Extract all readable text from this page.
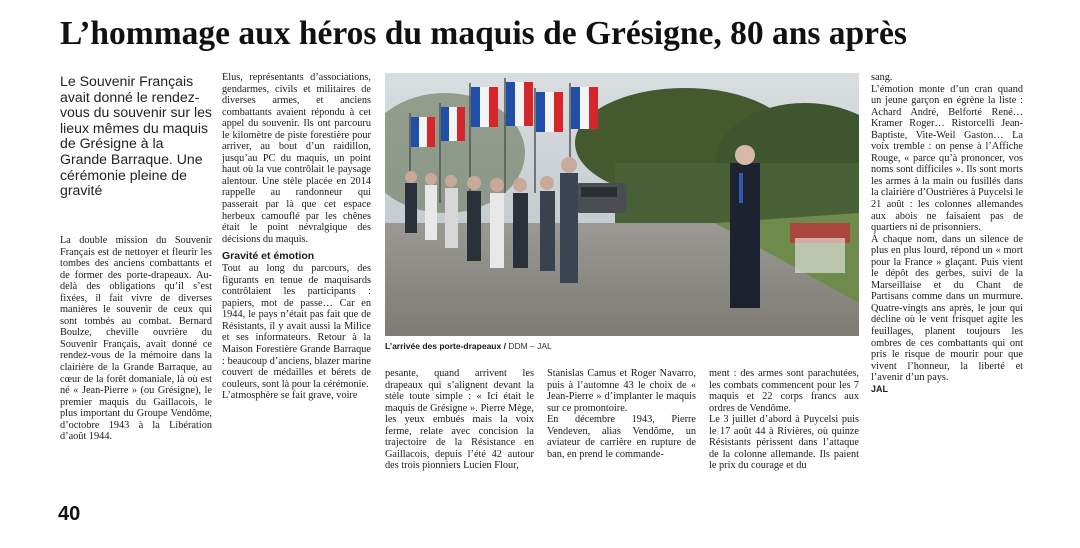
L’hommage aux héros du maquis de Grésigne, 80 ans après
Le Souvenir Français avait donné le rendez-vous du souvenir sur les lieux mêmes du maquis de Grésigne à la Grande Barraque. Une cérémonie pleine de gravité

La double mission du Souvenir Français est de nettoyer et fleurir les tombes des anciens combattants et de former des porte-drapeaux. Au-delà des obligations qu’il s’est fixées, il fait vivre de diverses manières le souvenir de ceux qui sont tombés au combat. Bernard Boulze, cheville ouvrière du Souvenir Français, avait donné ce rendez-vous de la mémoire dans la clairière de la Grande Barraque, au cœur de la forêt domaniale, là où est né « Jean-Pierre » (ou Grésigne), le premier maquis du Gaillacois, le plus important du Groupe Vendôme, d’octobre 1943 à la Libération d’août 1944.

Élus, représentants d’associations, gendarmes, civils et militaires de diverses armes, et anciens combattants avaient répondu à cet appel du souvenir. Ils ont parcouru le kilomètre de piste forestière pour arriver, au bout d’un raidillon, jusqu’au PC du maquis, un point haut où la vue contrôlait le paysage alentour. Une stèle placée en 2014 rappelle au randonneur qui passerait par là que cet espace herbeux camouflé par les chênes était le point névralgique des décisions du maquis.

Gravité et émotion

Tout au long du parcours, des figurants en tenue de maquisards contrôlaient les participants : papiers, mot de passe… Car en 1944, le pays n’était pas fait que de Résistants, il y avait aussi la Milice et ses informateurs. Retour à la Maison Forestière Grande Barraque : beaucoup d’anciens, blazer marine couvert de médailles et bérets de couleurs, sont là pour la cérémonie.

L’atmosphère se fait grave, voire

L’arrivée des porte-drapeaux / DDM – JAL

pesante, quand arrivent les drapeaux qui s’alignent devant la stèle toute simple : « Ici était le maquis de Grésigne ». Pierre Mège, les yeux embués mais la voix ferme, relate avec concision la trajectoire de la Résistance en Gaillacois, depuis l’été 42 autour des trois pionniers Lucien Flour,

Stanislas Camus et Roger Navarro, puis à l’automne 43 le choix de « Jean-Pierre » d’implanter le maquis sur ce promontoire.

En décembre 1943, Pierre Vendeven, alias Vendôme, un aviateur de carrière en rupture de ban, en prend le commande-

ment : des armes sont parachutées, les combats commencent pour les 7 maquis et 22 corps francs aux ordres de Vendôme.

Le 3 juillet d’abord à Puycelsi puis le 17 août 44 à Rivières, où quinze Résistants périssent dans l’attaque de la colonne allemande. Ils paient le prix du courage et du

sang.

L’émotion monte d’un cran quand un jeune garçon en égrène la liste : Achard André, Belforté René… Kramer Roger… Ristorcelli Jean-Baptiste, Vite-Weil Gaston… La voix tremble : on pense à l’Affiche Rouge, « parce qu’à prononcer, vos noms sont difficiles ». Ils sont morts les armes à la main ou fusillés dans la clairière d’Oustrières à Puycelsi le 21 août : les colonnes allemandes aux abois ne faisaient pas de quartiers ni de prisonniers.

À chaque nom, dans un silence de plus en plus lourd, répond un « mort pour la France » glaçant. Puis vient le dépôt des gerbes, suivi de la Marseillaise et du Chant de Partisans comme dans un murmure. Quatre-vingts ans après, le jour qui décline où le vent frisquet agite les feuillages, planent toujours les ombres de ces combattants qui ont pris le risque de mourir pour que vivent l’honneur, la liberté et l’avenir d’un pays.

JAL

40
